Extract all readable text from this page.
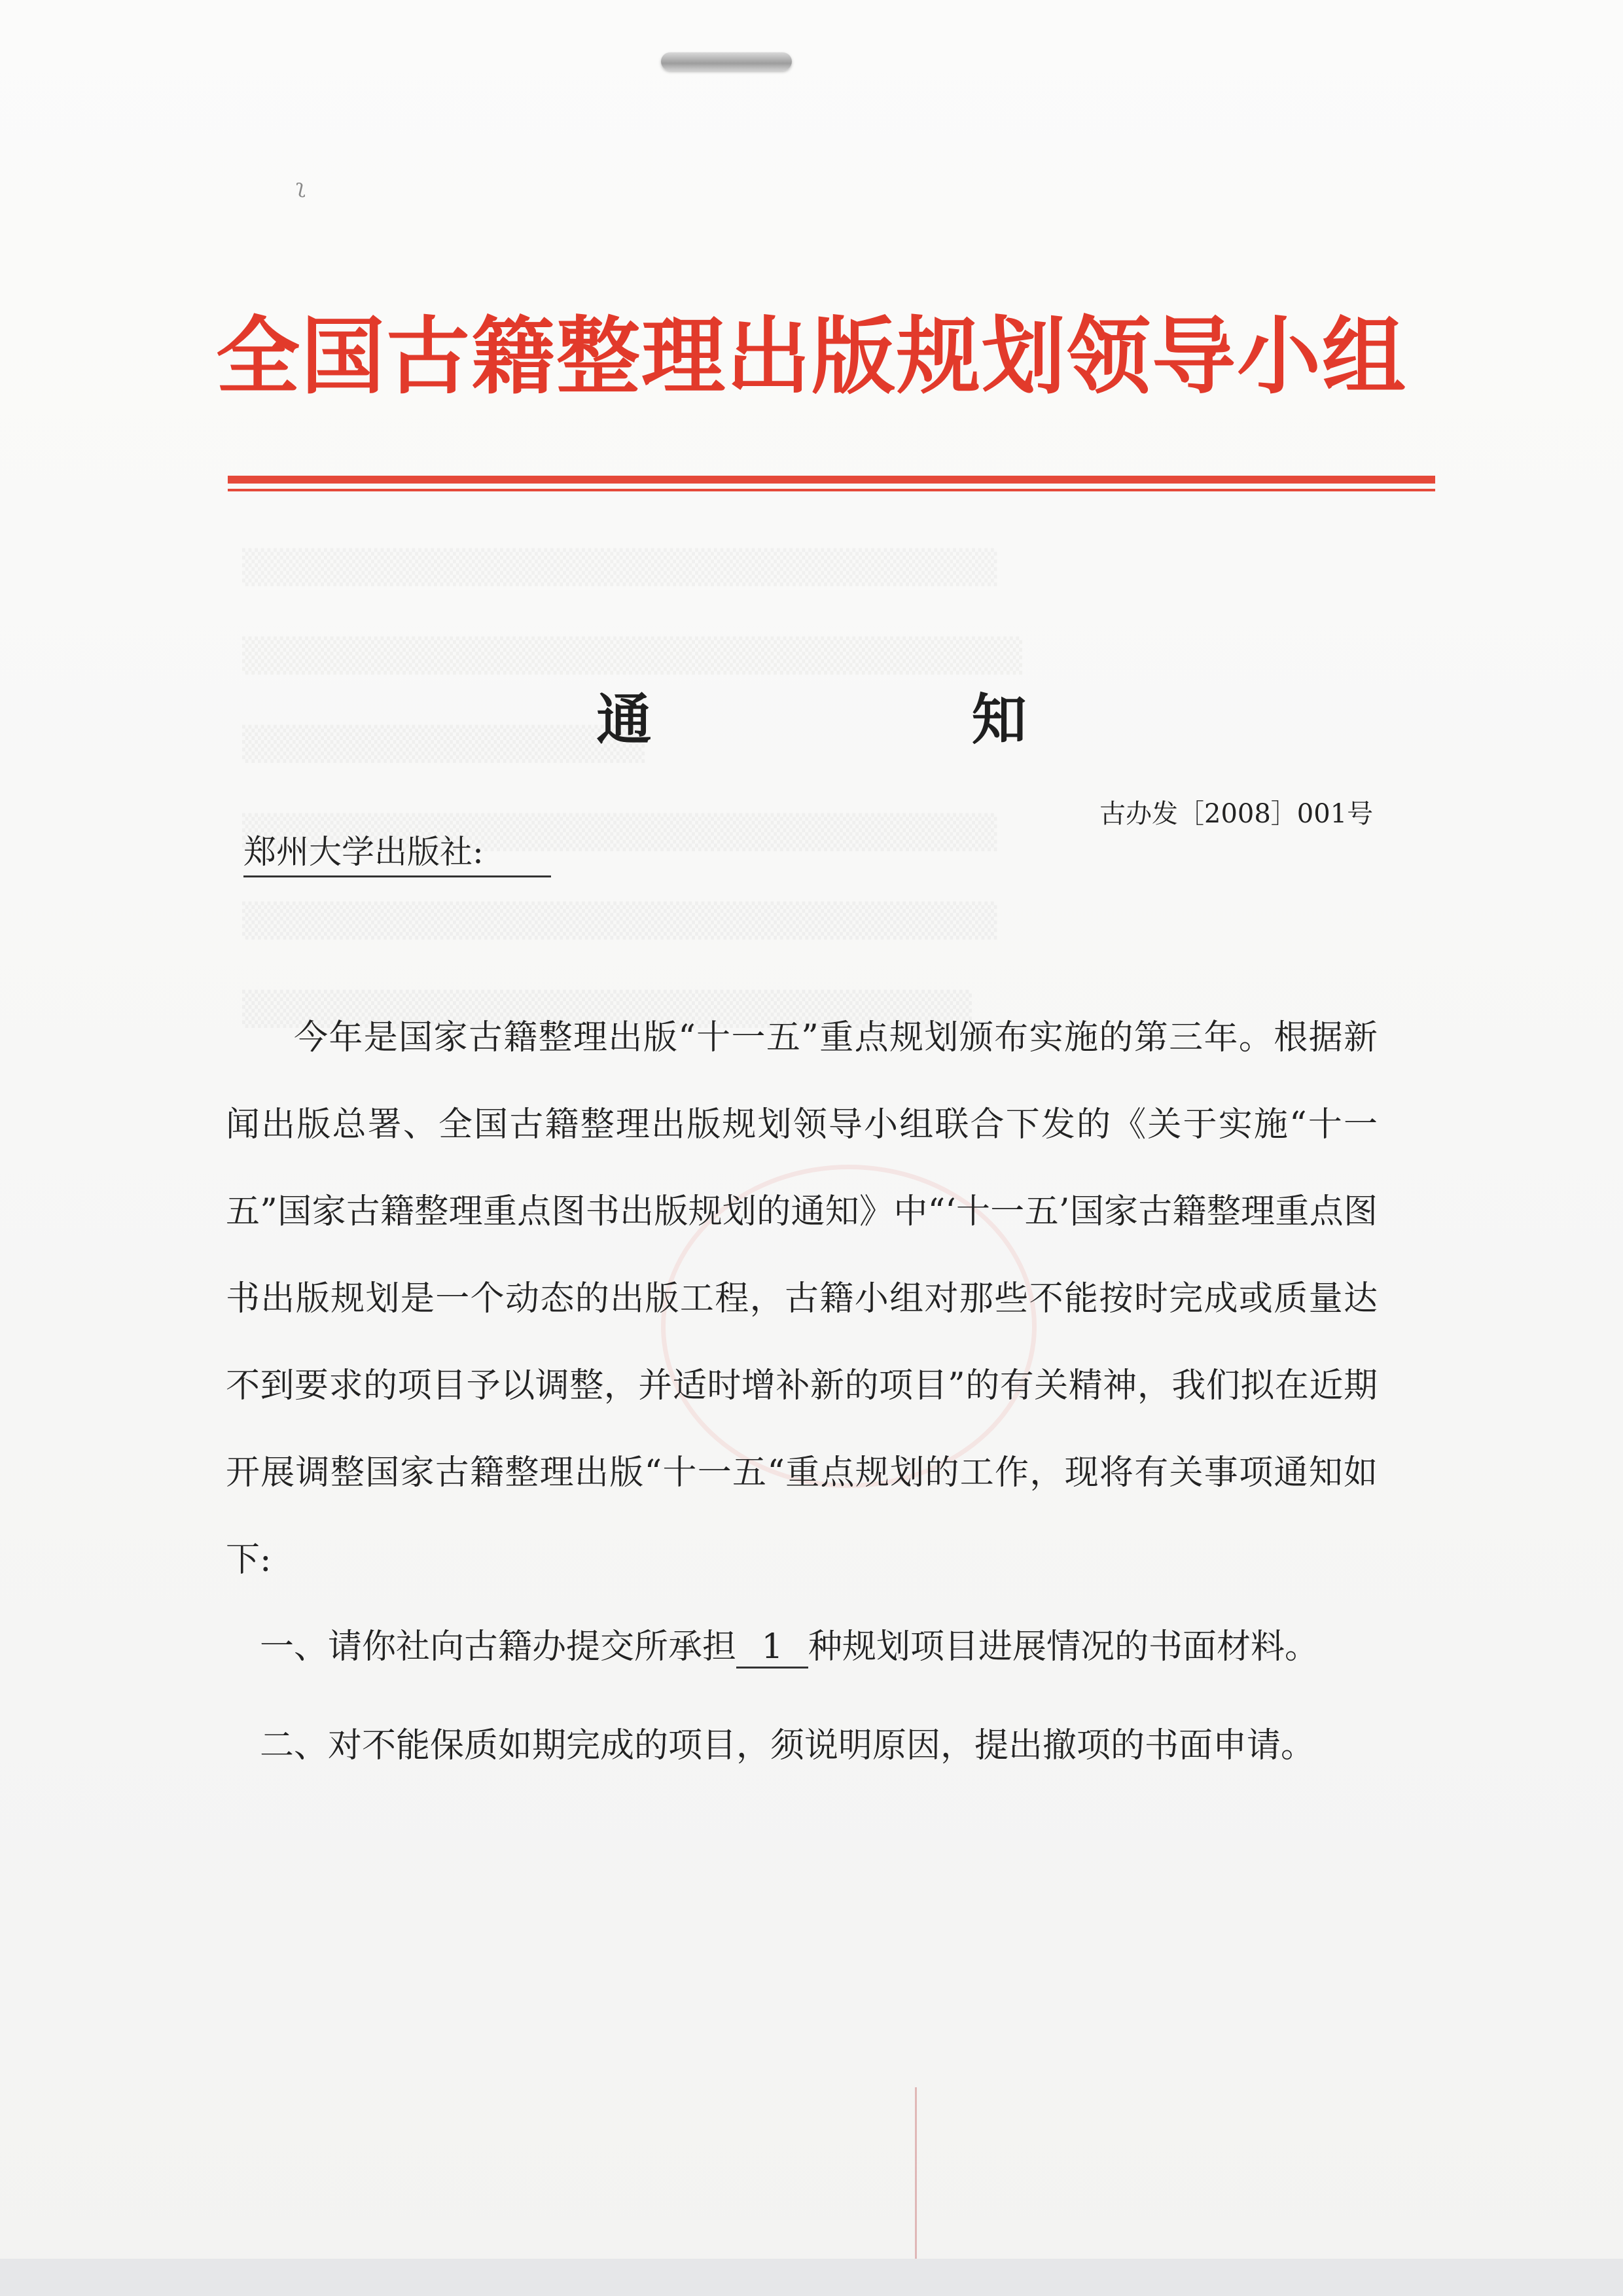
ʅ

全国古籍整理出版规划领导小组
通 知
古办发［2008］001号
郑州大学出版社:

今年是国家古籍整理出版“十一五”重点规划颁布实施的第三年。根据新闻出版总署、全国古籍整理出版规划领导小组联合下发的《关于实施“十一五”国家古籍整理重点图书出版规划的通知》中“‘十一五’国家古籍整理重点图书出版规划是一个动态的出版工程，古籍小组对那些不能按时完成或质量达不到要求的项目予以调整，并适时增补新的项目”的有关精神，我们拟在近期开展调整国家古籍整理出版“十一五“重点规划的工作，现将有关事项通知如下:

一、请你社向古籍办提交所承担 1 种规划项目进展情况的书面材料。

二、对不能保质如期完成的项目，须说明原因，提出撤项的书面申请。
